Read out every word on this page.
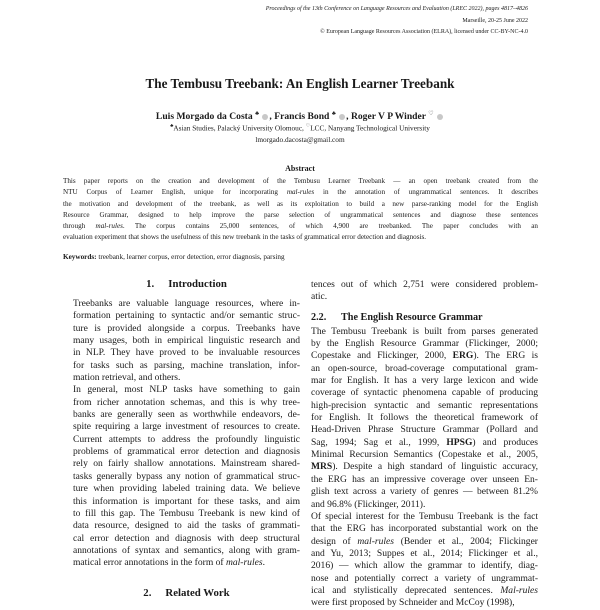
Proceedings of the 13th Conference on Language Resources and Evaluation (LREC 2022), pages 4817–4826
Marseille, 20-25 June 2022
© European Language Resources Association (ELRA), licensed under CC-BY-NC-4.0
The Tembusu Treebank: An English Learner Treebank
Luis Morgado da Costa ♣ , Francis Bond ♣ , Roger V P Winder ♡
♣Asian Studies, Palacký University Olomouc, ♡LCC, Nanyang Technological University
lmorgado.dacosta@gmail.com
Abstract
This paper reports on the creation and development of the Tembusu Learner Treebank — an open treebank created from the
NTU Corpus of Learner English, unique for incorporating mal-rules in the annotation of ungrammatical sentences. It describes
the motivation and development of the treebank, as well as its exploitation to build a new parse-ranking model for the English
Resource Grammar, designed to help improve the parse selection of ungrammatical sentences and diagnose these sentences
through mal-rules. The corpus contains 25,000 sentences, of which 4,900 are treebanked. The paper concludes with an
evaluation experiment that shows the usefulness of this new treebank in the tasks of grammatical error detection and diagnosis.
Keywords: treebank, learner corpus, error detection, error diagnosis, parsing
1. Introduction
Treebanks are valuable language resources, where in-
formation pertaining to syntactic and/or semantic struc-
ture is provided alongside a corpus. Treebanks have
many usages, both in empirical linguistic research and
in NLP. They have proved to be invaluable resources
for tasks such as parsing, machine translation, infor-
mation retrieval, and others.
In general, most NLP tasks have something to gain
from richer annotation schemas, and this is why tree-
banks are generally seen as worthwhile endeavors, de-
spite requiring a large investment of resources to create.
Current attempts to address the profoundly linguistic
problems of grammatical error detection and diagnosis
rely on fairly shallow annotations. Mainstream shared-
tasks generally bypass any notion of grammatical struc-
ture when providing labeled training data. We believe
this information is important for these tasks, and aim
to fill this gap. The Tembusu Treebank is new kind of
data resource, designed to aid the tasks of grammati-
cal error detection and diagnosis with deep structural
annotations of syntax and semantics, along with gram-
matical error annotations in the form of mal-rules.
2. Related Work
tences out of which 2,751 were considered problem-
atic.
2.2. The English Resource Grammar
The Tembusu Treebank is built from parses generated
by the English Resource Grammar (Flickinger, 2000;
Copestake and Flickinger, 2000, ERG). The ERG is
an open-source, broad-coverage computational gram-
mar for English. It has a very large lexicon and wide
coverage of syntactic phenomena capable of producing
high-precision syntactic and semantic representations
for English. It follows the theoretical framework of
Head-Driven Phrase Structure Grammar (Pollard and
Sag, 1994; Sag et al., 1999, HPSG) and produces
Minimal Recursion Semantics (Copestake et al., 2005,
MRS). Despite a high standard of linguistic accuracy,
the ERG has an impressive coverage over unseen En-
glish text across a variety of genres — between 81.2%
and 96.8% (Flickinger, 2011).
Of special interest for the Tembusu Treebank is the fact
that the ERG has incorporated substantial work on the
design of mal-rules (Bender et al., 2004; Flickinger
and Yu, 2013; Suppes et al., 2014; Flickinger et al.,
2016) — which allow the grammar to identify, diag-
nose and potentially correct a variety of ungrammat-
ical and stylistically deprecated sentences. Mal-rules
were first proposed by Schneider and McCoy (1998),
